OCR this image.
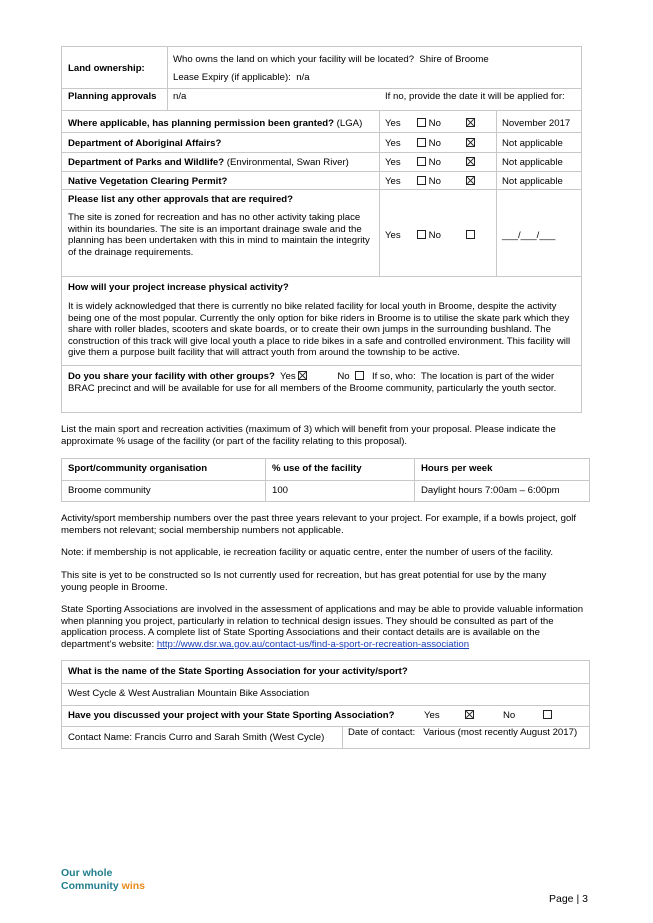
Land ownership:
Who owns the land on which your facility will be located? Shire of Broome
Lease Expiry (if applicable): n/a
Planning approvals n/a	If no, provide the date it will be applied for:
Where applicable, has planning permission been granted? (LGA) Yes	No	November 2017
Department of Aboriginal Affairs?	Yes	No	Not applicable
Department of Parks and Wildlife? (Environmental, Swan River)	Yes	No	Not applicable
Native Vegetation Clearing Permit?	Yes	No	Not applicable
Please list any other approvals that are required?

The site is zoned for recreation and has no other activity taking place within its boundaries. The site is an important drainage swale and the planning has been undertaken with this in mind to maintain the integrity of the drainage requirements.

Yes	No	___/___/___
How will your project increase physical activity?

It is widely acknowledged that there is currently no bike related facility for local youth in Broome, despite the activity being one of the most popular. Currently the only option for bike riders in Broome is to utilise the skate park which they share with roller blades, scooters and skate boards, or to create their own jumps in the surrounding bushland. The construction of this track will give local youth a place to ride bikes in a safe and controlled environment. This facility will give them a purpose built facility that will attract youth from around the township to be active.

Do you share your facility with other groups? Yes	No If so, who: The location is part of the wider BRAC precinct and will be available for use for all members of the Broome community, particularly the youth sector.

List the main sport and recreation activities (maximum of 3) which will benefit from your proposal. Please indicate the approximate % usage of the facility (or part of the facility relating to this proposal).

Sport/community organisation	% use of the facility	Hours per week
Broome community	100	Daylight hours 7:00am – 6:00pm

Activity/sport membership numbers over the past three years relevant to your project. For example, if a bowls project, golf members not relevant; social membership numbers not applicable.

Note: if membership is not applicable, ie recreation facility or aquatic centre, enter the number of users of the facility.

This site is yet to be constructed so Is not currently used for recreation, but has great potential for use by the many young people in Broome.

State Sporting Associations are involved in the assessment of applications and may be able to provide valuable information when planning you project, particularly in relation to technical design issues. They should be consulted as part of the application process. A complete list of State Sporting Associations and their contact details are is available on the department’s website: http://www.dsr.wa.gov.au/contact-us/find-a-sport-or-recreation-association

What is the name of the State Sporting Association for your activity/sport?
West Cycle & West Australian Mountain Bike Association
Have you discussed your project with your State Sporting Association?	Yes	No
Contact Name: Francis Curro and Sarah Smith (West Cycle) Date of contact: Various (most recently August 2017)
Our whole
Community wins
Page | 3
